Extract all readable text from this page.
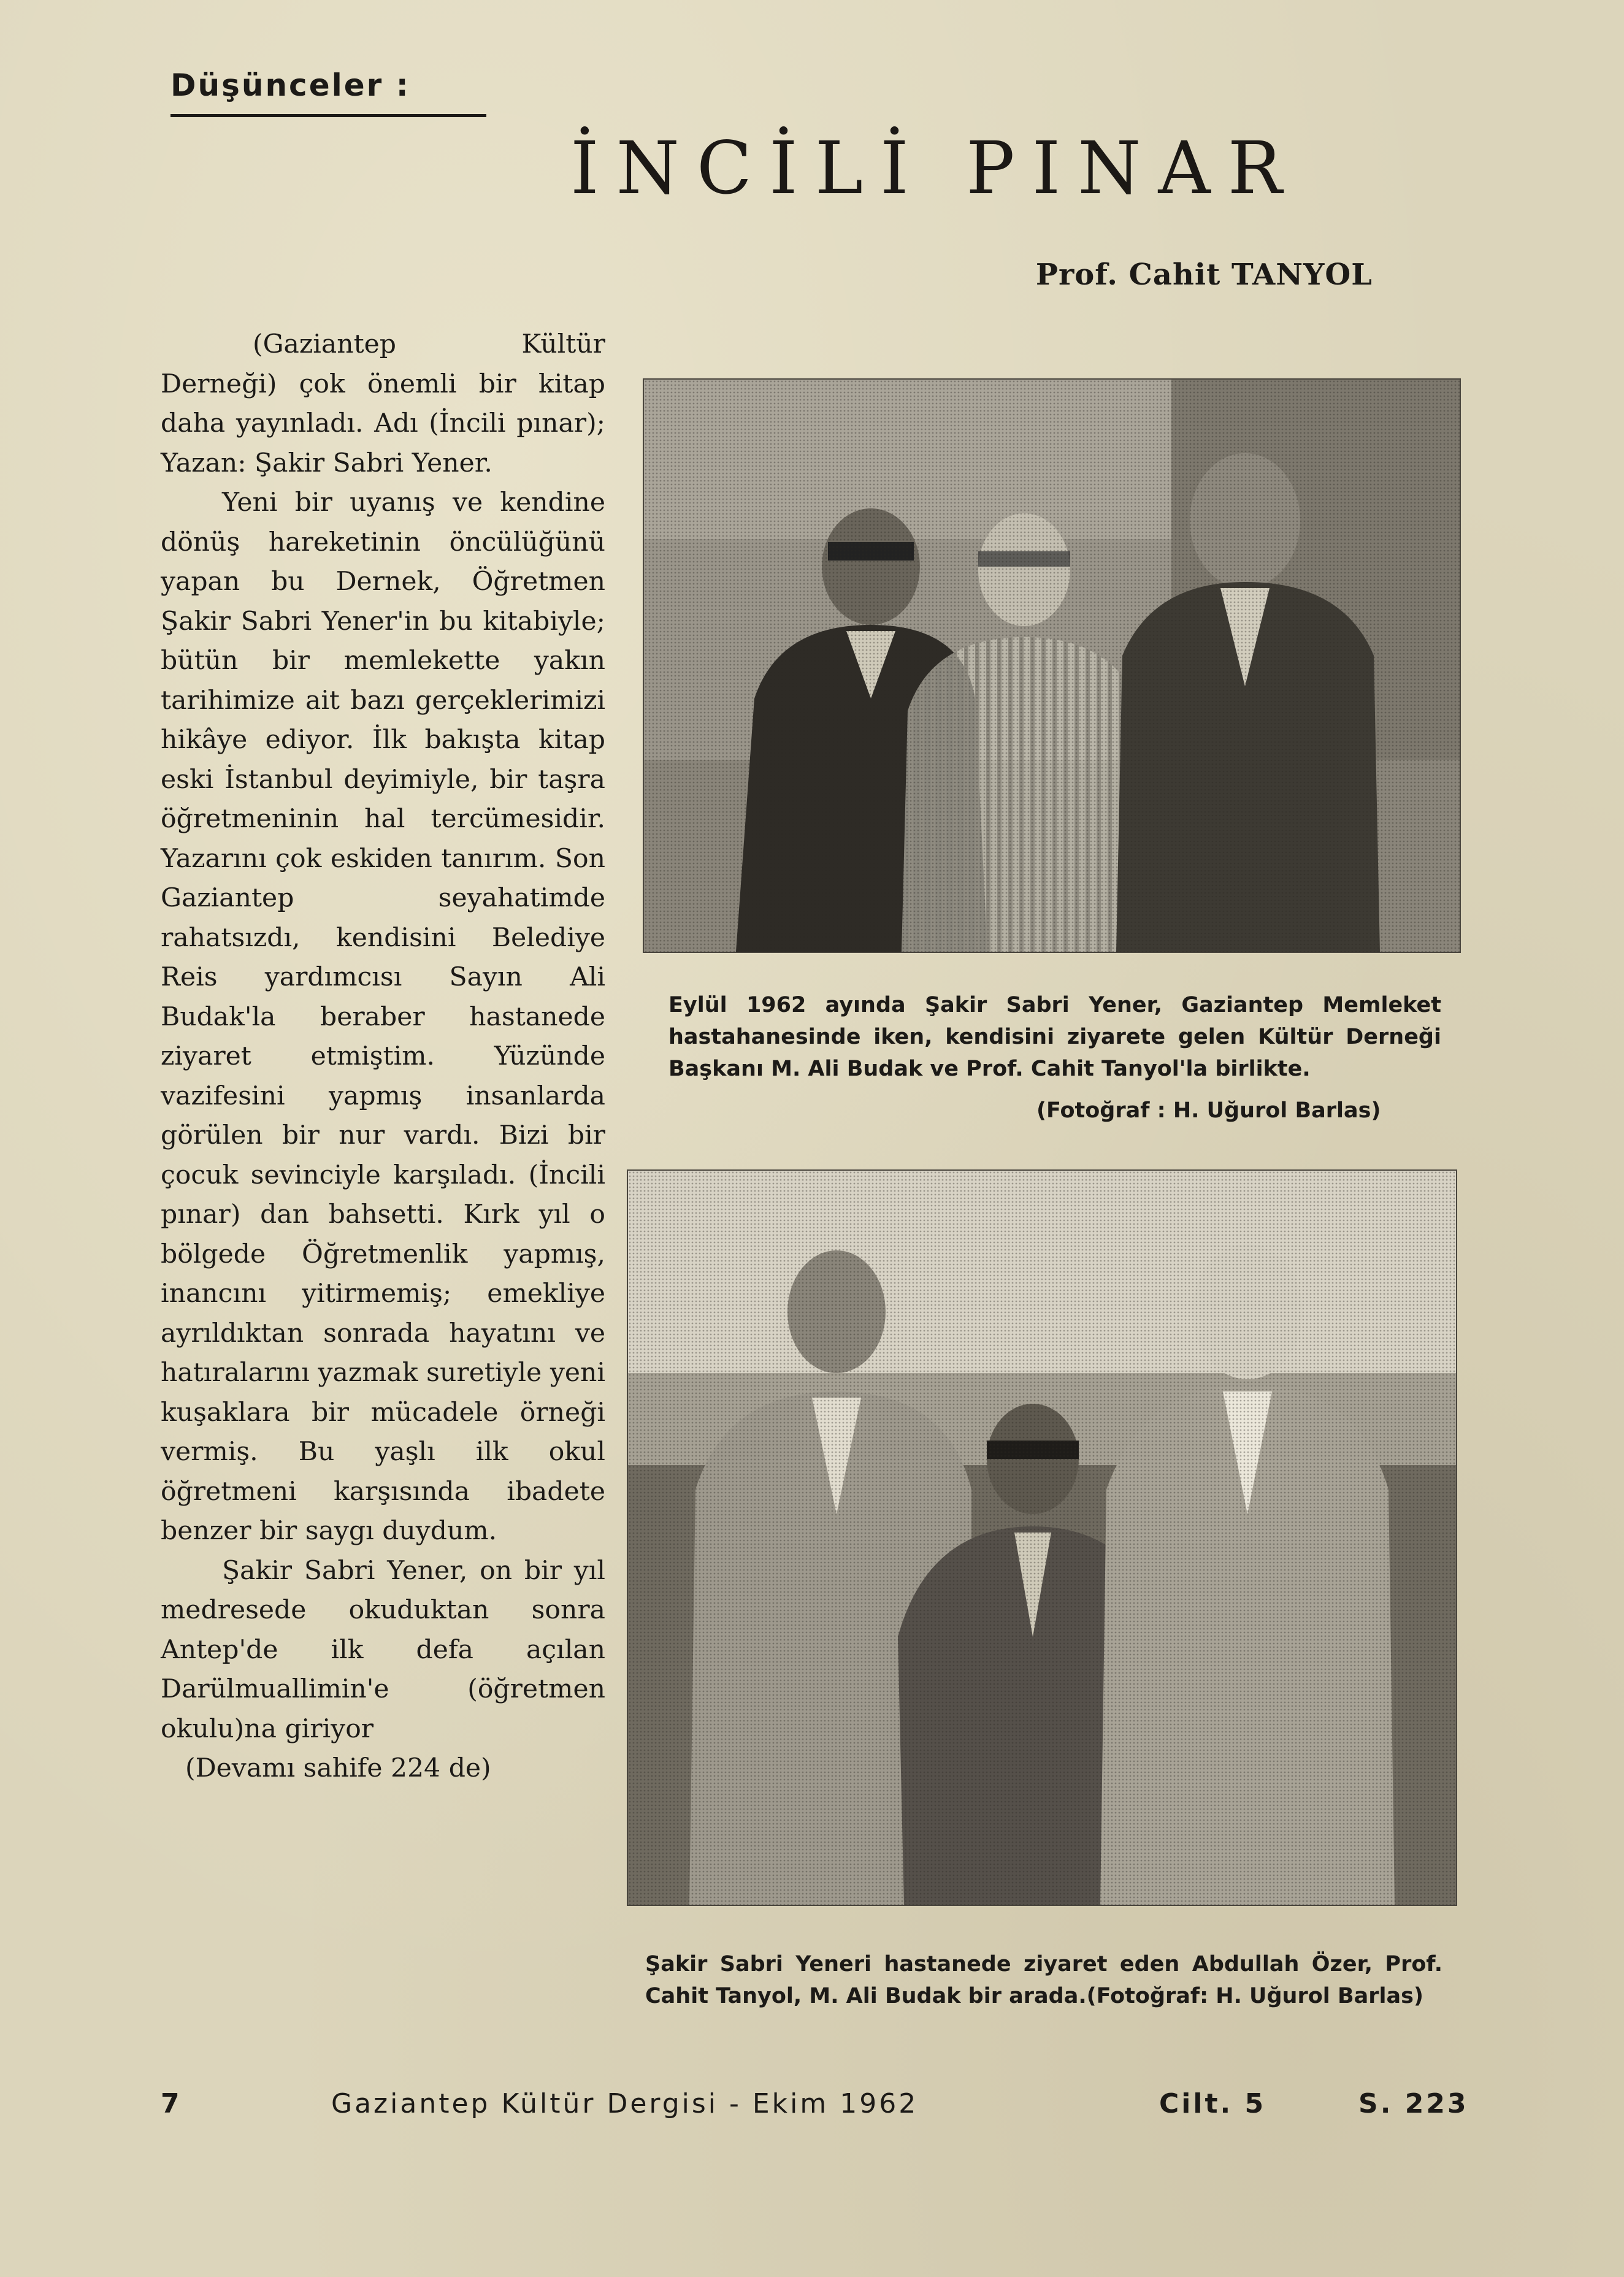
Düşünceler :
İNCİLİ PINAR
Prof. Cahit TANYOL

(Gaziantep Kültür Derneği) çok önemli bir kitap daha yayınladı. Adı (İncili pınar); Yazan: Şakir Sabri Yener.

Yeni bir uyanış ve kendine dönüş hareketinin öncülüğünü yapan bu Dernek, Öğretmen Şakir Sabri Yener'in bu kitabiyle; bütün bir memlekette yakın tarihimize ait bazı gerçeklerimizi hikâye ediyor. İlk bakışta kitap eski İstanbul deyimiyle, bir taşra öğretmeninin hal tercümesidir. Yazarını çok eskiden tanırım. Son Gaziantep seyahatimde rahatsızdı, kendisini Belediye Reis yardımcısı Sayın Ali Budak'la beraber hastanede ziyaret etmiştim. Yüzünde vazifesini yapmış insanlarda görülen bir nur vardı. Bizi bir çocuk sevinciyle karşıladı. (İncili pınar) dan bahsetti. Kırk yıl o bölgede Öğretmenlik yapmış, inancını yitirmemiş; emekliye ayrıldıktan sonrada hayatını ve hatıralarını yazmak suretiyle yeni kuşaklara bir mücadele örneği vermiş. Bu yaşlı ilk okul öğretmeni karşısında ibadete benzer bir saygı duydum.

Şakir Sabri Yener, on bir yıl medresede okuduktan sonra Antep'de ilk defa açılan Darülmuallimin'e (öğretmen okulu)na giriyor

(Devamı sahife 224 de)

Eylül 1962 ayında Şakir Sabri Yener, Gaziantep Memleket hastahanesinde iken, kendisini ziyarete gelen Kültür Derneği Başkanı M. Ali Budak ve Prof. Cahit Tanyol'la birlikte.
(Fotoğraf : H. Uğurol Barlas)
Şakir Sabri Yeneri hastanede ziyaret eden Abdullah Özer, Prof. Cahit Tanyol, M. Ali Budak bir arada.(Fotoğraf: H. Uğurol Barlas)
7	Gaziantep Kültür Dergisi - Ekim 1962	Cilt. 5	S. 223
